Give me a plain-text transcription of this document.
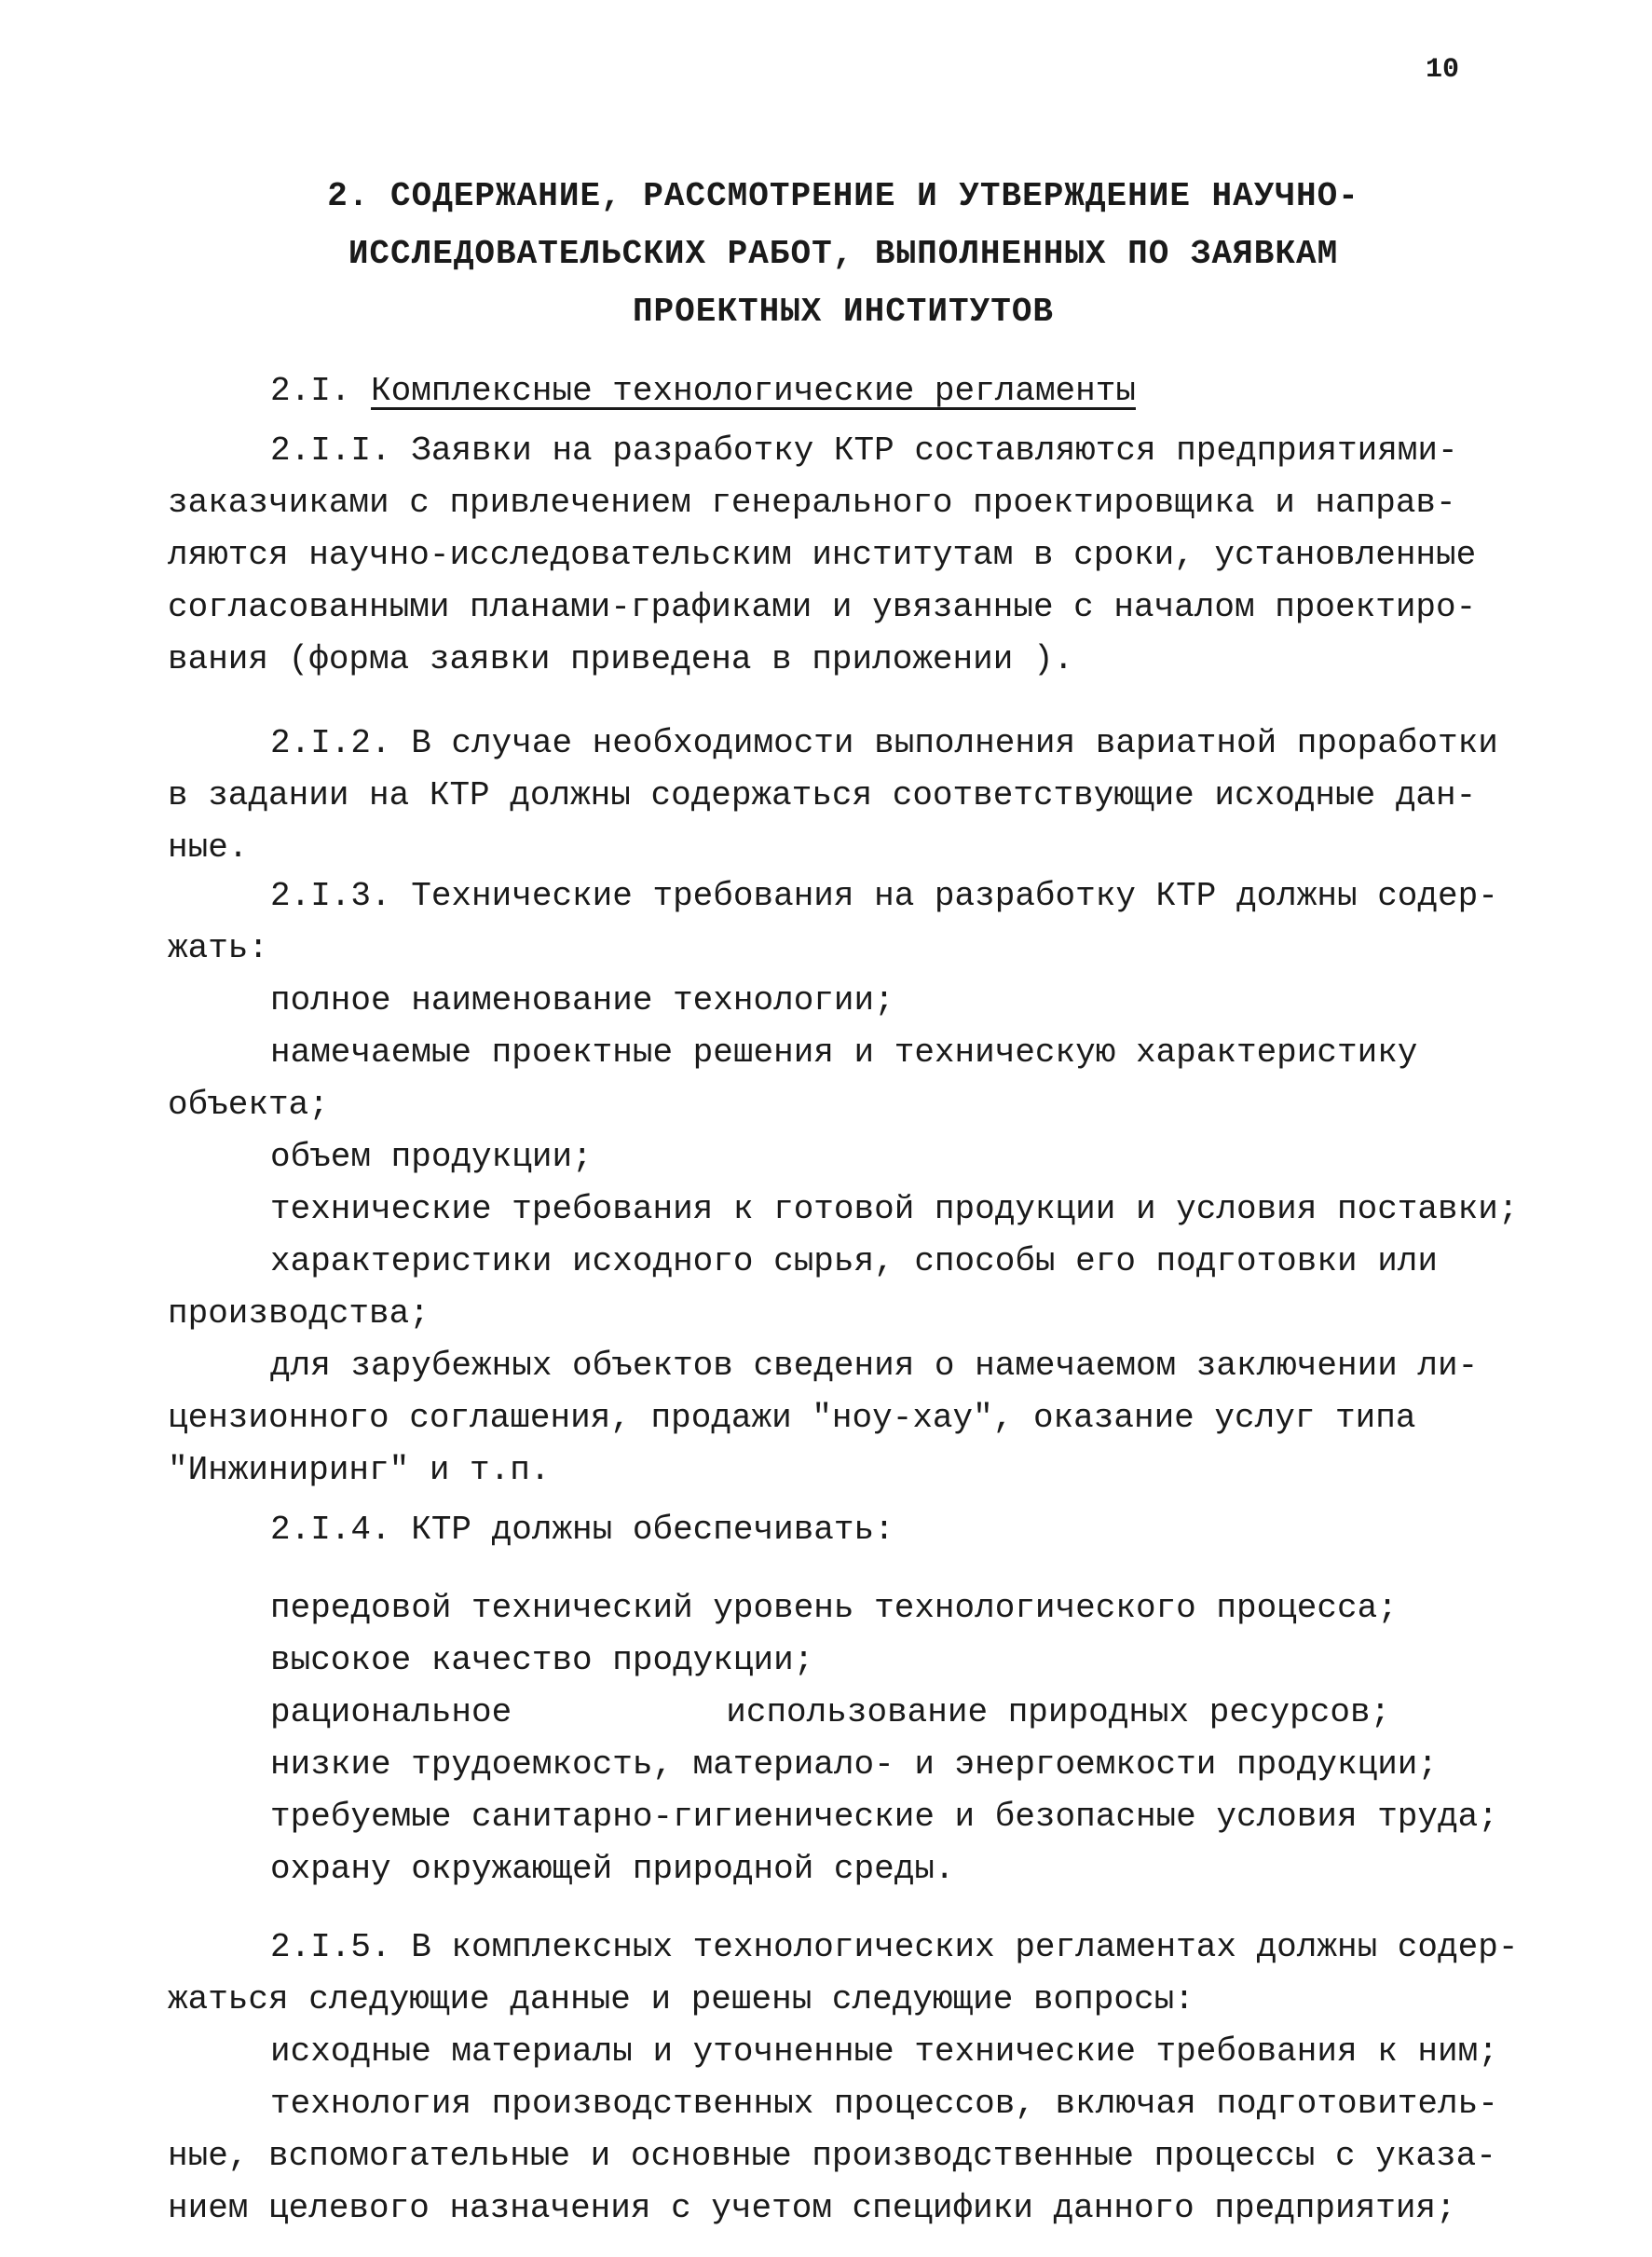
10
2. СОДЕРЖАНИЕ, РАССМОТРЕНИЕ И УТВЕРЖДЕНИЕ НАУЧНО-
ИССЛЕДОВАТЕЛЬСКИХ РАБОТ, ВЫПОЛНЕННЫХ ПО ЗАЯВКАМ
ПРОЕКТНЫХ ИНСТИТУТОВ
2.I. Комплексные технологические регламенты
2.I.I. Заявки на разработку КТР составляются предприятиями-
заказчиками с привлечением генерального проектировщика и направ-
ляются научно-исследовательским институтам в сроки, установленные
согласованными планами-графиками и увязанные с началом проектиро-
вания (форма заявки приведена в приложении ).
2.I.2. В случае необходимости выполнения вариатной проработки
в задании на КТР должны содержаться соответствующие исходные дан-
ные.
2.I.3. Технические требования на разработку КТР должны содер-
жать:
полное наименование технологии;
намечаемые проектные решения и техническую характеристику
объекта;
объем продукции;
технические требования к готовой продукции и условия поставки;
характеристики исходного сырья, способы его подготовки или
производства;
для зарубежных объектов сведения о намечаемом заключении ли-
цензионного соглашения, продажи "ноу-хау", оказание услуг типа
"Инжиниринг" и т.п.
2.I.4. КТР должны обеспечивать:
передовой технический уровень технологического процесса;
высокое качество продукции;
рациональное	использование природных ресурсов;
низкие трудоемкость, материало- и энергоемкости продукции;
требуемые санитарно-гигиенические и безопасные условия труда;
охрану окружающей природной среды.
2.I.5. В комплексных технологических регламентах должны содер-
жаться следующие данные и решены следующие вопросы:
исходные материалы и уточненные технические требования к ним;
технология производственных процессов, включая подготовитель-
ные, вспомогательные и основные производственные процессы с указа-
нием целевого назначения с учетом специфики данного предприятия;
